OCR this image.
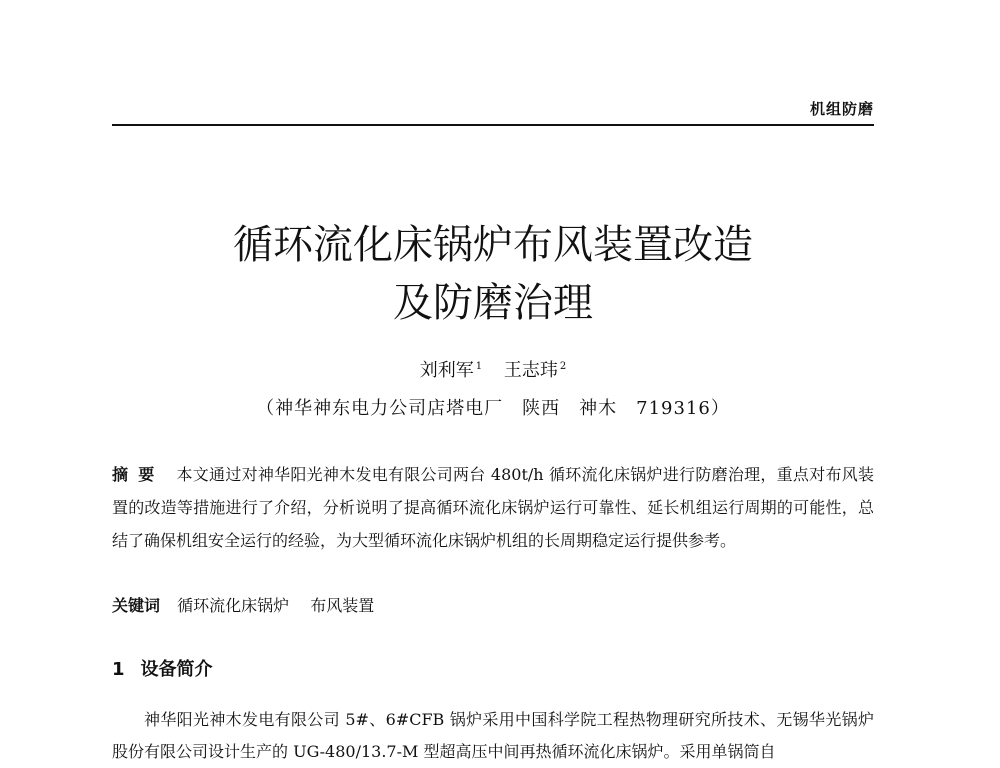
机组防磨
循环流化床锅炉布风装置改造
及防磨治理
刘利军 $^1$ 王志玮 $^2$
（神华神东电力公司店塔电厂　陕西　神木　719316）
摘要 本文通过对神华阳光神木发电有限公司两台 480t/h 循环流化床锅炉进行防磨治理，重点对布风装置的改造等措施进行了介绍，分析说明了提高循环流化床锅炉运行可靠性、延长机组运行周期的可能性，总结了确保机组安全运行的经验，为大型循环流化床锅炉机组的长周期稳定运行提供参考。
关键词 循环流化床锅炉 布风装置
1 设备简介

神华阳光神木发电有限公司 5#、6#CFB 锅炉采用中国科学院工程热物理研究所技术、无锡华光锅炉股份有限公司设计生产的 UG-480/13.7-M 型超高压中间再热循环流化床锅炉。采用单锅筒自
